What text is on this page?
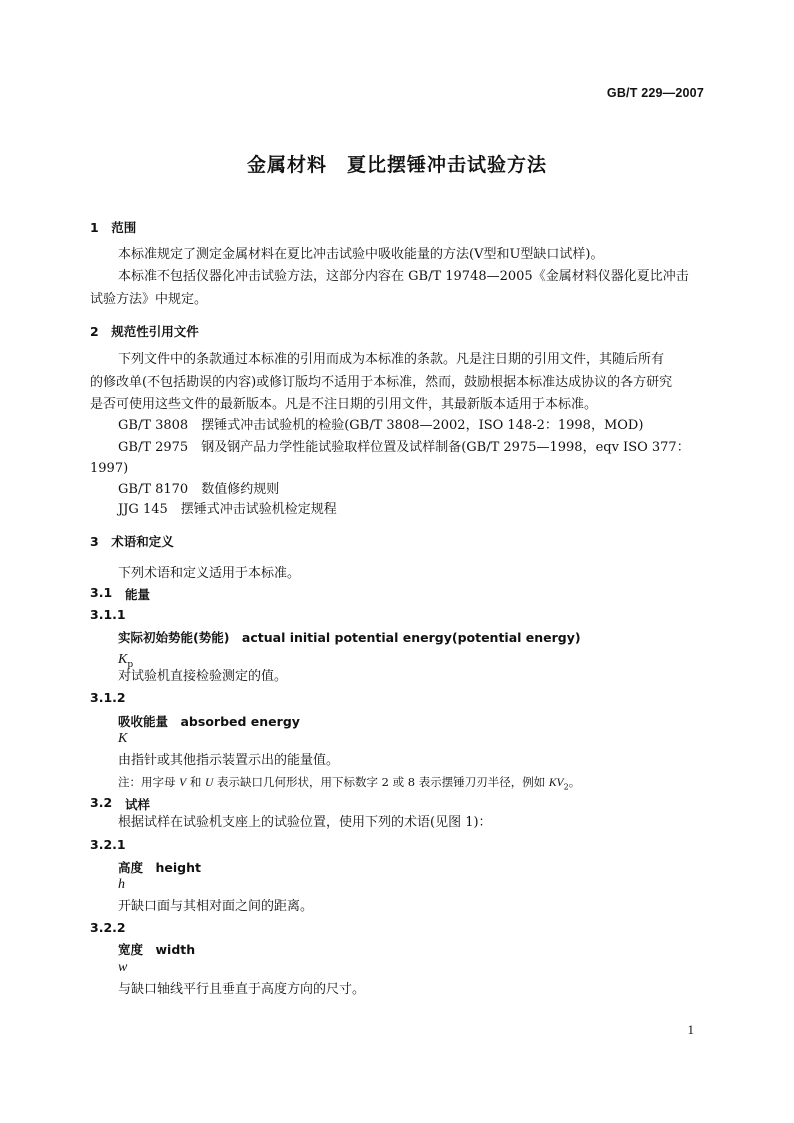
GB/T 229—2007
金属材料　夏比摆锤冲击试验方法
1　范围
本标准规定了测定金属材料在夏比冲击试验中吸收能量的方法(V型和U型缺口试样)。
本标准不包括仪器化冲击试验方法，这部分内容在 GB/T 19748—2005《金属材料仪器化夏比冲击
试验方法》中规定。
2　规范性引用文件
下列文件中的条款通过本标准的引用而成为本标准的条款。凡是注日期的引用文件，其随后所有
的修改单(不包括勘误的内容)或修订版均不适用于本标准，然而，鼓励根据本标准达成协议的各方研究
是否可使用这些文件的最新版本。凡是不注日期的引用文件，其最新版本适用于本标准。
GB/T 3808　摆锤式冲击试验机的检验(GB/T 3808—2002，ISO 148-2：1998，MOD)
GB/T 2975　钢及钢产品力学性能试验取样位置及试样制备(GB/T 2975—1998，eqv ISO 377：
1997)
GB/T 8170　数值修约规则
JJG 145　摆锤式冲击试验机检定规程
3　术语和定义
下列术语和定义适用于本标准。
3.1 能量
3.1.1
实际初始势能(势能)　actual initial potential energy(potential energy)
$K_p$
对试验机直接检验测定的值。
3.1.2
吸收能量　absorbed energy
K
由指针或其他指示装置示出的能量值。
注：用字母 V 和 U 表示缺口几何形状，用下标数字 2 或 8 表示摆锤刀刃半径，例如 $KV_2$。
3.2 试样
根据试样在试验机支座上的试验位置，使用下列的术语(见图 1)：
3.2.1
高度　height
h
开缺口面与其相对面之间的距离。
3.2.2
宽度　width
w
与缺口轴线平行且垂直于高度方向的尺寸。
1
